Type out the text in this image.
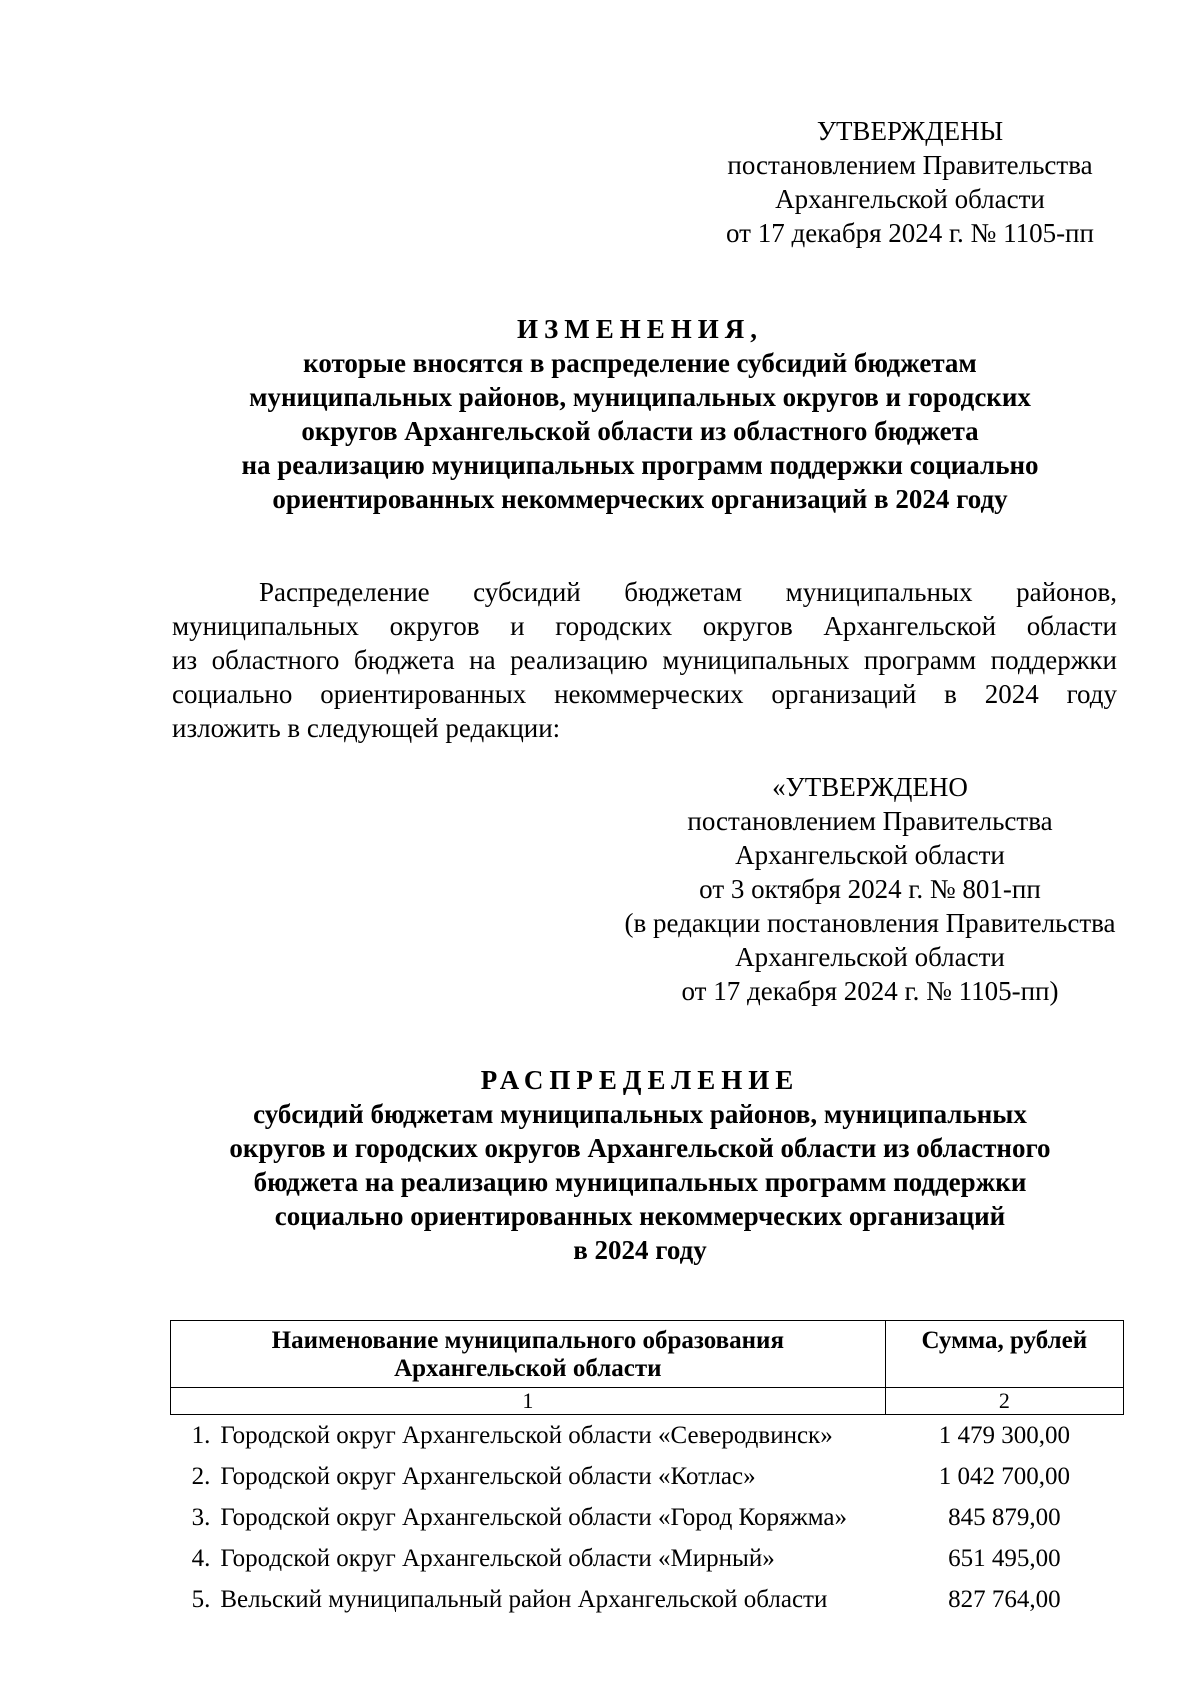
УТВЕРЖДЕНЫ
постановлением Правительства
Архангельской области
от 17 декабря 2024 г. № 1105-пп
ИЗМЕНЕНИЯ,
которые вносятся в распределение субсидий бюджетам
муниципальных районов, муниципальных округов и городских
округов Архангельской области из областного бюджета
на реализацию муниципальных программ поддержки социально
ориентированных некоммерческих организаций в 2024 году
Распределение субсидий бюджетам муниципальных районов,
муниципальных округов и городских округов Архангельской области
из областного бюджета на реализацию муниципальных программ поддержки
социально ориентированных некоммерческих организаций в 2024 году
изложить в следующей редакции:
«УТВЕРЖДЕНО
постановлением Правительства
Архангельской области
от 3 октября 2024 г. № 801-пп
(в редакции постановления Правительства
Архангельской области
от 17 декабря 2024 г. № 1105-пп)
РАСПРЕДЕЛЕНИЕ
субсидий бюджетам муниципальных районов, муниципальных
округов и городских округов Архангельской области из областного
бюджета на реализацию муниципальных программ поддержки
социально ориентированных некоммерческих организаций
в 2024 году
Наименование муниципального образования
Архангельской области		Сумма, рублей
1		2
1.	Городской округ Архангельской области «Северодвинск»	1 479 300,00
2.	Городской округ Архангельской области «Котлас»	1 042 700,00
3.	Городской округ Архангельской области «Город Коряжма»	845 879,00
4.	Городской округ Архангельской области «Мирный»	651 495,00
5.	Вельский муниципальный район Архангельской области	827 764,00
